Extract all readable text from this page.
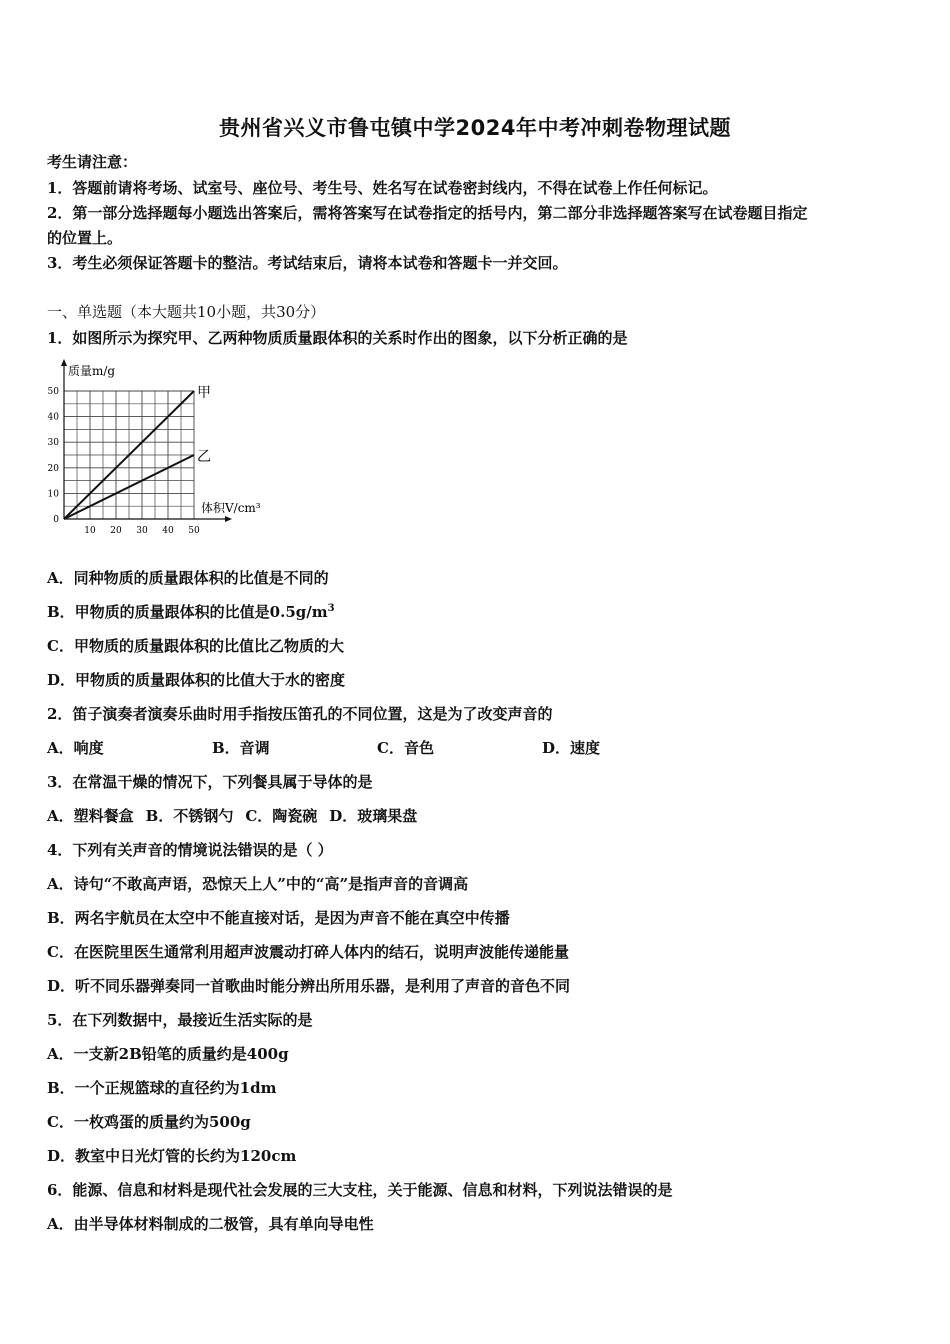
贵州省兴义市鲁屯镇中学2024年中考冲刺卷物理试题
考生请注意：
1．答题前请将考场、试室号、座位号、考生号、姓名写在试卷密封线内，不得在试卷上作任何标记。
2．第一部分选择题每小题选出答案后，需将答案写在试卷指定的括号内，第二部分非选择题答案写在试卷题目指定
的位置上。
3．考生必须保证答题卡的整洁。考试结束后，请将本试卷和答题卡一并交回。
一、单选题（本大题共10小题，共30分）
1．如图所示为探究甲、乙两种物质质量跟体积的关系时作出的图象，以下分析正确的是
甲
乙
0
10
20
30
40
50
10 20 30 40 50
质量m/g
体积V/cm³
A．同种物质的质量跟体积的比值是不同的
B．甲物质的质量跟体积的比值是$0.5g/m^3$
C．甲物质的质量跟体积的比值比乙物质的大
D．甲物质的质量跟体积的比值大于水的密度
2．笛子演奏者演奏乐曲时用手指按压笛孔的不同位置，这是为了改变声音的
A．响度	B．音调	C．音色	D．速度
3．在常温干燥的情况下，下列餐具属于导体的是
A．塑料餐盒 B．不锈钢勺 C．陶瓷碗 D．玻璃果盘
4．下列有关声音的情境说法错误的是（ ）
A．诗句“不敢高声语，恐惊天上人”中的“高”是指声音的音调高
B．两名宇航员在太空中不能直接对话，是因为声音不能在真空中传播
C．在医院里医生通常利用超声波震动打碎人体内的结石，说明声波能传递能量
D．听不同乐器弹奏同一首歌曲时能分辨出所用乐器，是利用了声音的音色不同
5．在下列数据中，最接近生活实际的是
A．一支新2B铅笔的质量约是400g
B．一个正规篮球的直径约为1dm
C．一枚鸡蛋的质量约为500g
D．教室中日光灯管的长约为120cm
6．能源、信息和材料是现代社会发展的三大支柱，关于能源、信息和材料，下列说法错误的是
A．由半导体材料制成的二极管，具有单向导电性
